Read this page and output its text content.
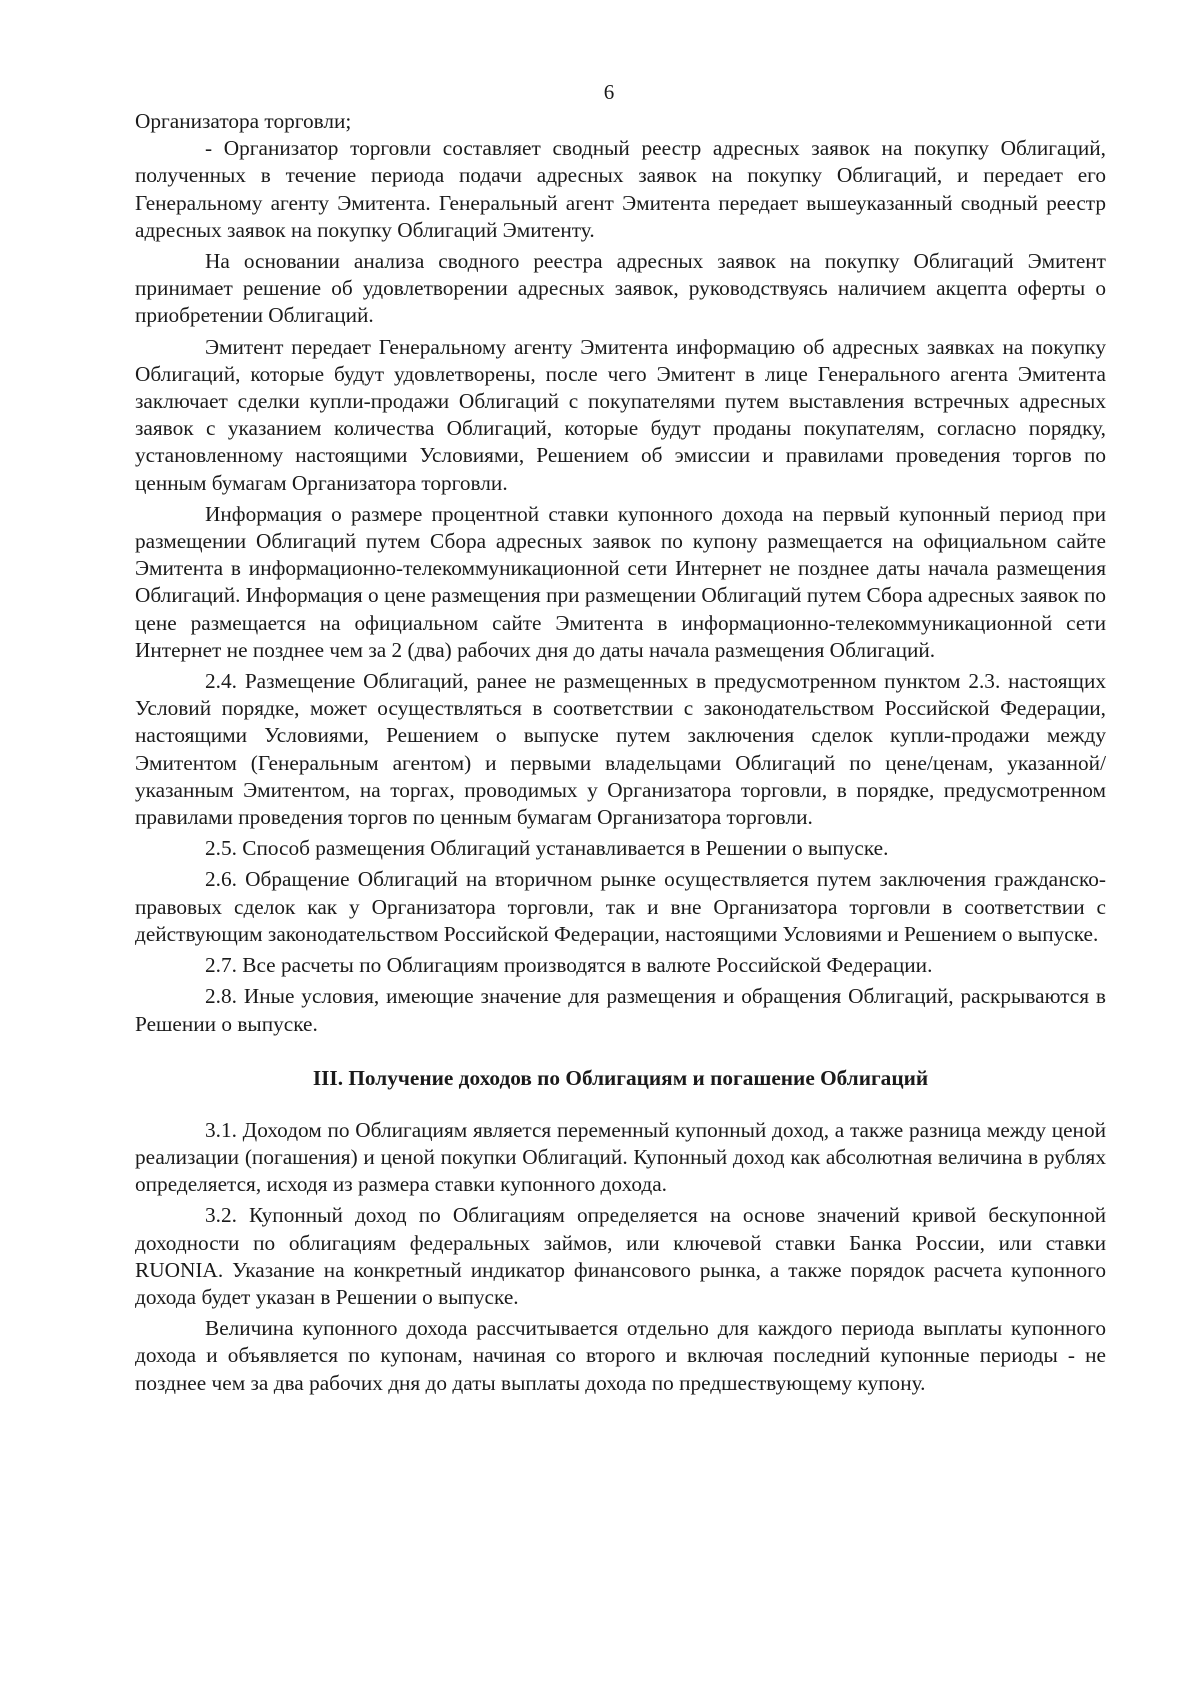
6

Организатора торговли;

- Организатор торговли составляет сводный реестр адресных заявок на покупку Облигаций, полученных в течение периода подачи адресных заявок на покупку Облигаций, и передает его Генеральному агенту Эмитента. Генеральный агент Эмитента передает вышеуказанный сводный реестр адресных заявок на покупку Облигаций Эмитенту.

На основании анализа сводного реестра адресных заявок на покупку Облигаций Эмитент принимает решение об удовлетворении адресных заявок, руководствуясь наличием акцепта оферты о приобретении Облигаций.

Эмитент передает Генеральному агенту Эмитента информацию об адресных заявках на покупку Облигаций, которые будут удовлетворены, после чего Эмитент в лице Генерального агента Эмитента заключает сделки купли-продажи Облигаций с покупателями путем выставления встречных адресных заявок с указанием количества Облигаций, которые будут проданы покупателям, согласно порядку, установленному настоящими Условиями, Решением об эмиссии и правилами проведения торгов по ценным бумагам Организатора торговли.

Информация о размере процентной ставки купонного дохода на первый купонный период при размещении Облигаций путем Сбора адресных заявок по купону размещается на официальном сайте Эмитента в информационно-телекоммуникационной сети Интернет не позднее даты начала размещения Облигаций. Информация о цене размещения при размещении Облигаций путем Сбора адресных заявок по цене размещается на официальном сайте Эмитента в информационно-телекоммуникационной сети Интернет не позднее чем за 2 (два) рабочих дня до даты начала размещения Облигаций.

2.4. Размещение Облигаций, ранее не размещенных в предусмотренном пунктом 2.3. настоящих Условий порядке, может осуществляться в соответствии с законодательством Российской Федерации, настоящими Условиями, Решением о выпуске путем заключения сделок купли-продажи между Эмитентом (Генеральным агентом) и первыми владельцами Облигаций по цене/ценам, указанной/указанным Эмитентом, на торгах, проводимых у Организатора торговли, в порядке, предусмотренном правилами проведения торгов по ценным бумагам Организатора торговли.

2.5. Способ размещения Облигаций устанавливается в Решении о выпуске.

2.6. Обращение Облигаций на вторичном рынке осуществляется путем заключения гражданско-правовых сделок как у Организатора торговли, так и вне Организатора торговли в соответствии с действующим законодательством Российской Федерации, настоящими Условиями и Решением о выпуске.

2.7. Все расчеты по Облигациям производятся в валюте Российской Федерации.

2.8. Иные условия, имеющие значение для размещения и обращения Облигаций, раскрываются в Решении о выпуске.

III. Получение доходов по Облигациям и погашение Облигаций

3.1. Доходом по Облигациям является переменный купонный доход, а также разница между ценой реализации (погашения) и ценой покупки Облигаций. Купонный доход как абсолютная величина в рублях определяется, исходя из размера ставки купонного дохода.

3.2. Купонный доход по Облигациям определяется на основе значений кривой бескупонной доходности по облигациям федеральных займов, или ключевой ставки Банка России, или ставки RUONIA. Указание на конкретный индикатор финансового рынка, а также порядок расчета купонного дохода будет указан в Решении о выпуске.

Величина купонного дохода рассчитывается отдельно для каждого периода выплаты купонного дохода и объявляется по купонам, начиная со второго и включая последний купонные периоды - не позднее чем за два рабочих дня до даты выплаты дохода по предшествующему купону.
